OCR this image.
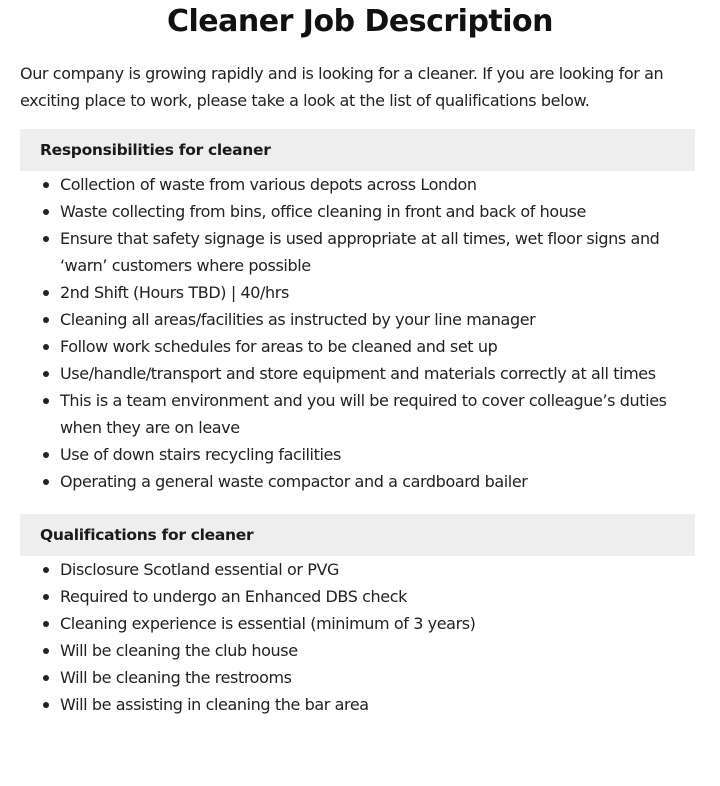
Cleaner Job Description

Our company is growing rapidly and is looking for a cleaner. If you are looking for an exciting place to work, please take a look at the list of qualifications below.

Responsibilities for cleaner
Collection of waste from various depots across London
Waste collecting from bins, office cleaning in front and back of house
Ensure that safety signage is used appropriate at all times, wet floor signs and ‘warn’ customers where possible
2nd Shift (Hours TBD) | 40/hrs
Cleaning all areas/facilities as instructed by your line manager
Follow work schedules for areas to be cleaned and set up
Use/handle/transport and store equipment and materials correctly at all times
This is a team environment and you will be required to cover colleague’s duties when they are on leave
Use of down stairs recycling facilities
Operating a general waste compactor and a cardboard bailer
Qualifications for cleaner
Disclosure Scotland essential or PVG
Required to undergo an Enhanced DBS check
Cleaning experience is essential (minimum of 3 years)
Will be cleaning the club house
Will be cleaning the restrooms
Will be assisting in cleaning the bar area
